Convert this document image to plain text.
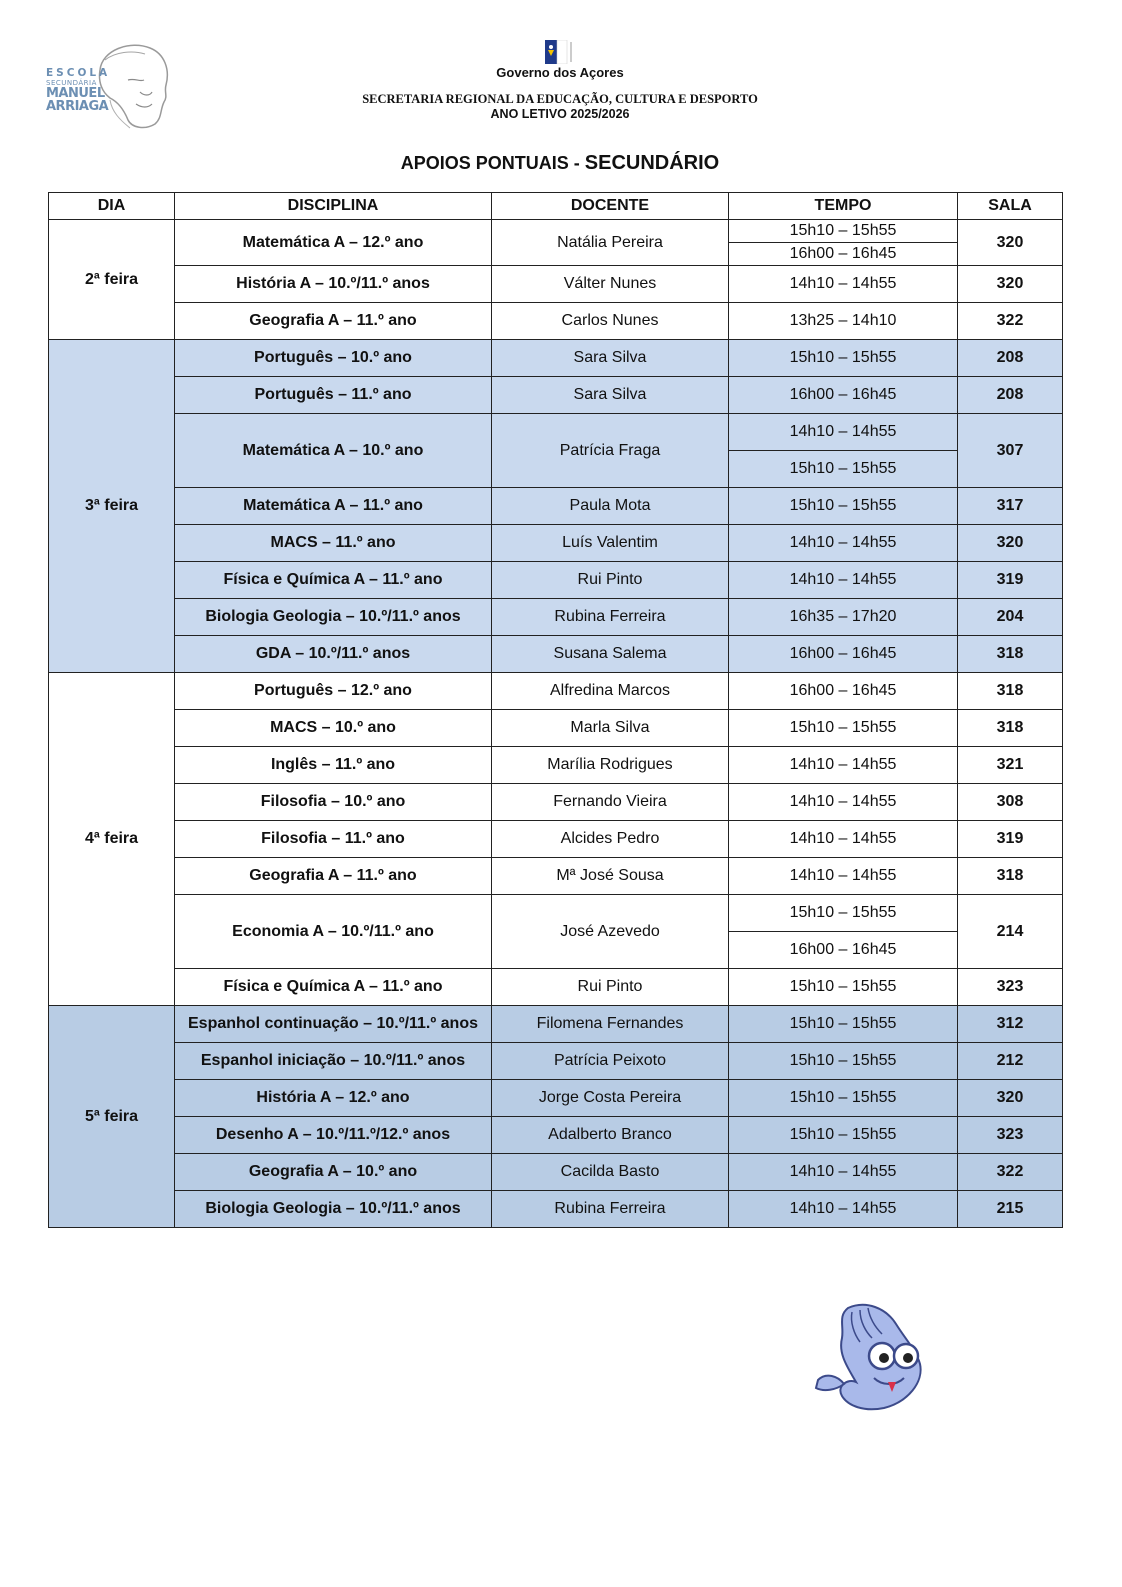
ESCOLA
SECUNDÁRIA
MANUEL
ARRIAGA
Governo dos Açores
SECRETARIA REGIONAL DA EDUCAÇÃO, CULTURA E DESPORTO
ANO LETIVO 2025/2026
APOIOS PONTUAIS - SECUNDÁRIO
DIA	DISCIPLINA	DOCENTE	TEMPO	SALA
2ª feira	Matemática A – 12.º ano	Natália Pereira	15h10 – 15h55	320
			16h00 – 16h45	
	História A – 10.º/11.º anos	Válter Nunes	14h10 – 14h55	320
	Geografia A – 11.º ano	Carlos Nunes	13h25 – 14h10	322
3ª feira	Português – 10.º ano	Sara Silva	15h10 – 15h55	208
	Português – 11.º ano	Sara Silva	16h00 – 16h45	208
	Matemática A – 10.º ano	Patrícia Fraga	14h10 – 14h55	307
			15h10 – 15h55	
	Matemática A – 11.º ano	Paula Mota	15h10 – 15h55	317
	MACS – 11.º ano	Luís Valentim	14h10 – 14h55	320
	Física e Química A – 11.º ano	Rui Pinto	14h10 – 14h55	319
	Biologia Geologia – 10.º/11.º anos	Rubina Ferreira	16h35 – 17h20	204
	GDA – 10.º/11.º anos	Susana Salema	16h00 – 16h45	318
4ª feira	Português – 12.º ano	Alfredina Marcos	16h00 – 16h45	318
	MACS – 10.º ano	Marla Silva	15h10 – 15h55	318
	Inglês – 11.º ano	Marília Rodrigues	14h10 – 14h55	321
	Filosofia – 10.º ano	Fernando Vieira	14h10 – 14h55	308
	Filosofia – 11.º ano	Alcides Pedro	14h10 – 14h55	319
	Geografia A – 11.º ano	Mª José Sousa	14h10 – 14h55	318
	Economia A – 10.º/11.º ano	José Azevedo	15h10 – 15h55	214
			16h00 – 16h45	
	Física e Química A – 11.º ano	Rui Pinto	15h10 – 15h55	323
5ª feira	Espanhol continuação – 10.º/11.º anos	Filomena Fernandes	15h10 – 15h55	312
	Espanhol iniciação – 10.º/11.º anos	Patrícia Peixoto	15h10 – 15h55	212
	História A – 12.º ano	Jorge Costa Pereira	15h10 – 15h55	320
	Desenho A – 10.º/11.º/12.º anos	Adalberto Branco	15h10 – 15h55	323
	Geografia A – 10.º ano	Cacilda Basto	14h10 – 14h55	322
	Biologia Geologia – 10.º/11.º anos	Rubina Ferreira	14h10 – 14h55	215
